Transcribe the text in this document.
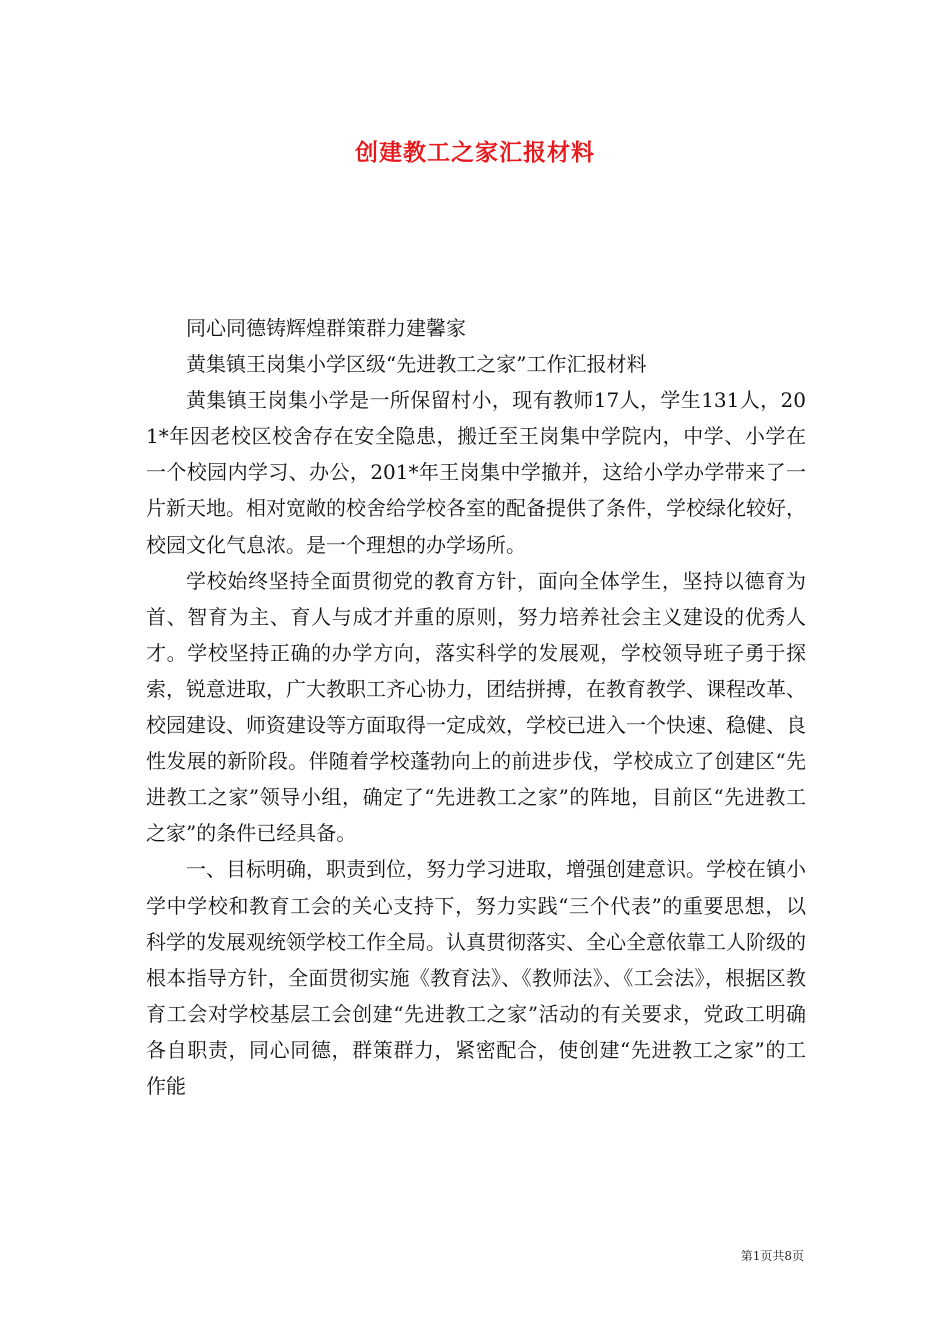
创建教工之家汇报材料

同心同德铸辉煌群策群力建馨家

黄集镇王岗集小学区级“先进教工之家”工作汇报材料

黄集镇王岗集小学是一所保留村小，现有教师17人，学生131人，201*年因老校区校舍存在安全隐患，搬迁至王岗集中学院内，中学、小学在一个校园内学习、办公，201*年王岗集中学撤并，这给小学办学带来了一片新天地。相对宽敞的校舍给学校各室的配备提供了条件，学校绿化较好，校园文化气息浓。是一个理想的办学场所。

学校始终坚持全面贯彻党的教育方针，面向全体学生，坚持以德育为首、智育为主、育人与成才并重的原则，努力培养社会主义建设的优秀人才。学校坚持正确的办学方向，落实科学的发展观，学校领导班子勇于探索，锐意进取，广大教职工齐心协力，团结拼搏，在教育教学、课程改革、校园建设、师资建设等方面取得一定成效，学校已进入一个快速、稳健、良性发展的新阶段。伴随着学校蓬勃向上的前进步伐，学校成立了创建区“先进教工之家”领导小组，确定了“先进教工之家”的阵地，目前区“先进教工之家”的条件已经具备。

一、目标明确，职责到位，努力学习进取，增强创建意识。学校在镇小学中学校和教育工会的关心支持下，努力实践“三个代表”的重要思想，以科学的发展观统领学校工作全局。认真贯彻落实、全心全意依靠工人阶级的根本指导方针，全面贯彻实施《教育法》、《教师法》、《工会法》，根据区教育工会对学校基层工会创建“先进教工之家”活动的有关要求，党政工明确各自职责，同心同德，群策群力，紧密配合，使创建“先进教工之家”的工作能

第1页共8页
